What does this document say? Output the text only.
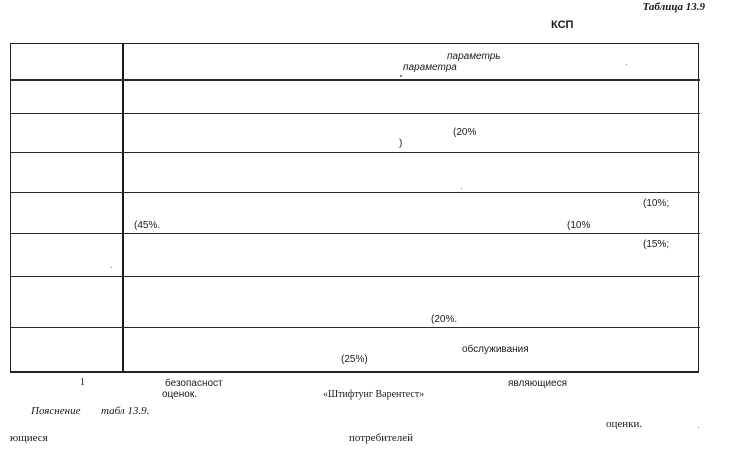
Таблица 13.9
КСП
параметрь
параметра
(20%
)
(10%;
(45%.	(10%
(15%;
(20%.
обслуживания
(25%)
1	безопасност
оценок.	«Штифтунг Варентест»
являющиеся
Пояснение табл 13.9.
оценки.
ющиеся	потребителей
